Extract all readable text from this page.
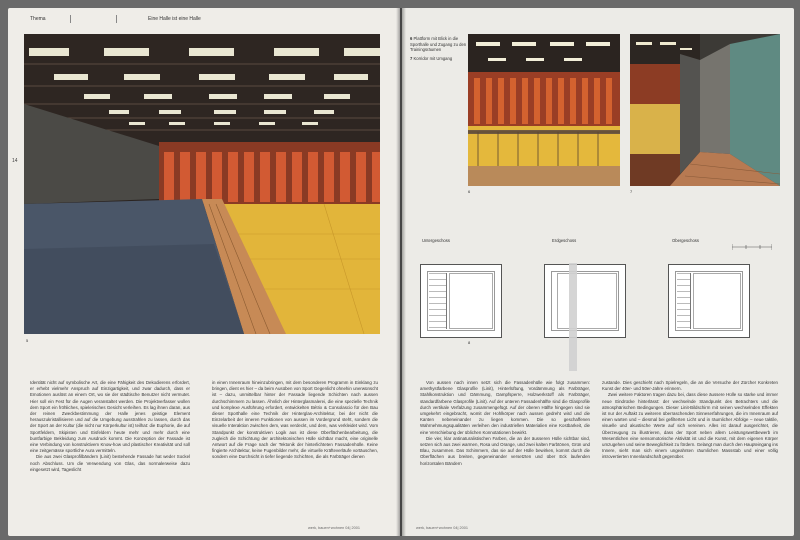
Thema	Eine Halle ist eine Halle
14
5

Identität nicht auf symbolische Art, die eine Fähigkeit des Dekodierens erfordert, er erhebt vielmehr Anspruch auf Einzigartigkeit, und zwar dadurch, dass er Emotionen auslöst an einem Ort, wo sie der städtische Benutzer nicht vermutet. Hier soll ein Fest für die Augen veranstaltet werden. Die Projektverfasser wollen dem Sport ein fröhliches, spielerisches Gesicht verleihen. Es lag ihnen daran, aus der reinen Zweckbestimmung der Halle jenes geistige Element herauszukristallisieren und auf die Umgebung ausstrahlen zu lassen, durch das der Sport an der Kultur (die nicht nur Körperkultur ist) teilhat: die Euphorie, die auf Sportfeldern, Skipisten und Eisfeldern heute mehr und mehr durch eine buntfarbige Bekleidung zum Ausdruck kommt. Die Konzeption der Fassade ist eine Verbindung von konstruktivem Know-how und plastischer Kreativität und soll eine zeitgemässe sportliche Aura vermitteln.

Die aus zwei Glasprofilbändern (Linit) bestehende Fassade hat weder Sockel noch Abschluss. Um die Verwendung von Glas, das normalerweise dazu eingesetzt wird, Tageslicht

in einen Innenraum hineinzubringen, mit dem besonderen Programm in Einklang zu bringen, dient es hier – da beim Ausüben von Sport Gegenlicht ohnehin unerwünscht ist – dazu, unmittelbar hinter der Fassade liegende Schichten nach aussen durchschimmern zu lassen. Ähnlich der Hinterglasmalerei, die eine spezielle Technik und komplexe Ausführung erfordert, entwickelten Bétrix & Consolascio für den Bau dieser Sporthalle eine Technik der Hinterglas-Architektur, bei der nicht die Einzelarbeit der inneren Funktionen von aussen im Vordergrund steht, sondern die visuelle Interaktion zwischen dem, was verdeckt, und dem, was verkleidet wird. Vom Standpunkt der konstruktiven Logik aus ist diese Oberflächenbearbeitung, die zugleich die Schichtung der architektonischen Hülle sichtbar macht, eine originelle Antwort auf die Frage nach der Tektonik der hinterlichteten Fassadenhülle. Keine fingierte Architektur, keine Fugenbilder mehr, die virtuelle Kräfteverläufe vortäuschen, sondern eine Durchsicht in tiefer liegende Schichten, die als Farbträger dienen

werk, bauen+wohnen 04| 2001
6 Plattform mit Blick in die Sporthalle und Zugang zu den Trainingsräumen
7 Korridor mit Umgang
6	7
Untergeschoss	Erdgeschoss	Obergeschoss
8

Von aussen nach innen setzt sich die Fassadenhülle wie folgt zusammen: amethystfarbene Glasprofile (Linit), Hinterlüftung, Vordämmung als Farbträger, Stahlkonstruktion und Dämmung, Dampfsperre, Holzwerkstoff als Farbträger, standardfarbene Glasprofile (Linit). Auf der unteren Fassadenhälfte sind die Glasprofile durch vertikale Verfalzung zusammengefügt. Auf der oberen Hälfte hingegen sind sie umgekehrt eingebracht, womit der Hohlkörper nach aussen gedreht wird und die Kanten nebeneinander zu liegen kommen. Die so geschaffenen Wahrnehmungsqualitäten verleihen den industriellen Materialien eine Kostbarkeit, die eine Verschiebung der üblichen Konnotationen bewirkt.

Die vier, klar antinaturalistischen Farben, die an der äusseren Hülle sichtbar sind, setzen sich aus zwei warmen, Rosa und Orange, und zwei kalten Farbtönen, Grün und Blau, zusammen. Das Schimmern, das sie auf der Hülle bewirken, kommt durch die Oberflächen aus breiten, gegeneinander versetzten und über Eck laufenden horizontalen Bändern

zustande. Dies geschieht nach Spielregeln, die an die Versuche der Zürcher Konkreten Kunst der 40er- und 50er-Jahre erinnern.

Zwei weitere Faktoren tragen dazu bei, dass diese äussere Hülle so starke und immer neue Eindrücke hinterlässt: der wechselnde Standpunkt des Betrachters und die atmosphärischen Bedingungen. Dieser Linit-Bildschirm mit seinen wechselnden Effekten ist nur der Auftakt zu weiteren überraschenden Sinneserfahrungen, die im Innenraum auf einen warten und – diesmal bei gefilterten Licht und in räumlicher Abfolge – neue taktile, visuelle und akustische Werte auf sich vereinen. Alles ist darauf ausgerichtet, die Überzeugung zu illustrieren, dass der Sport neben allem Leistungswettbewerb im Wesentlichen eine sensomotorische Aktivität ist und die Kunst, mit dem eigenen Körper umzugehen und seine Beweglichkeit zu fördern. Gelangt man durch den Haupteingang ins Innere, sieht man sich einem ungeahnten räumlichen Massstab und einer völlig introvertierten Innenlandschaft gegenüber.

werk, bauen+wohnen 04| 2001
